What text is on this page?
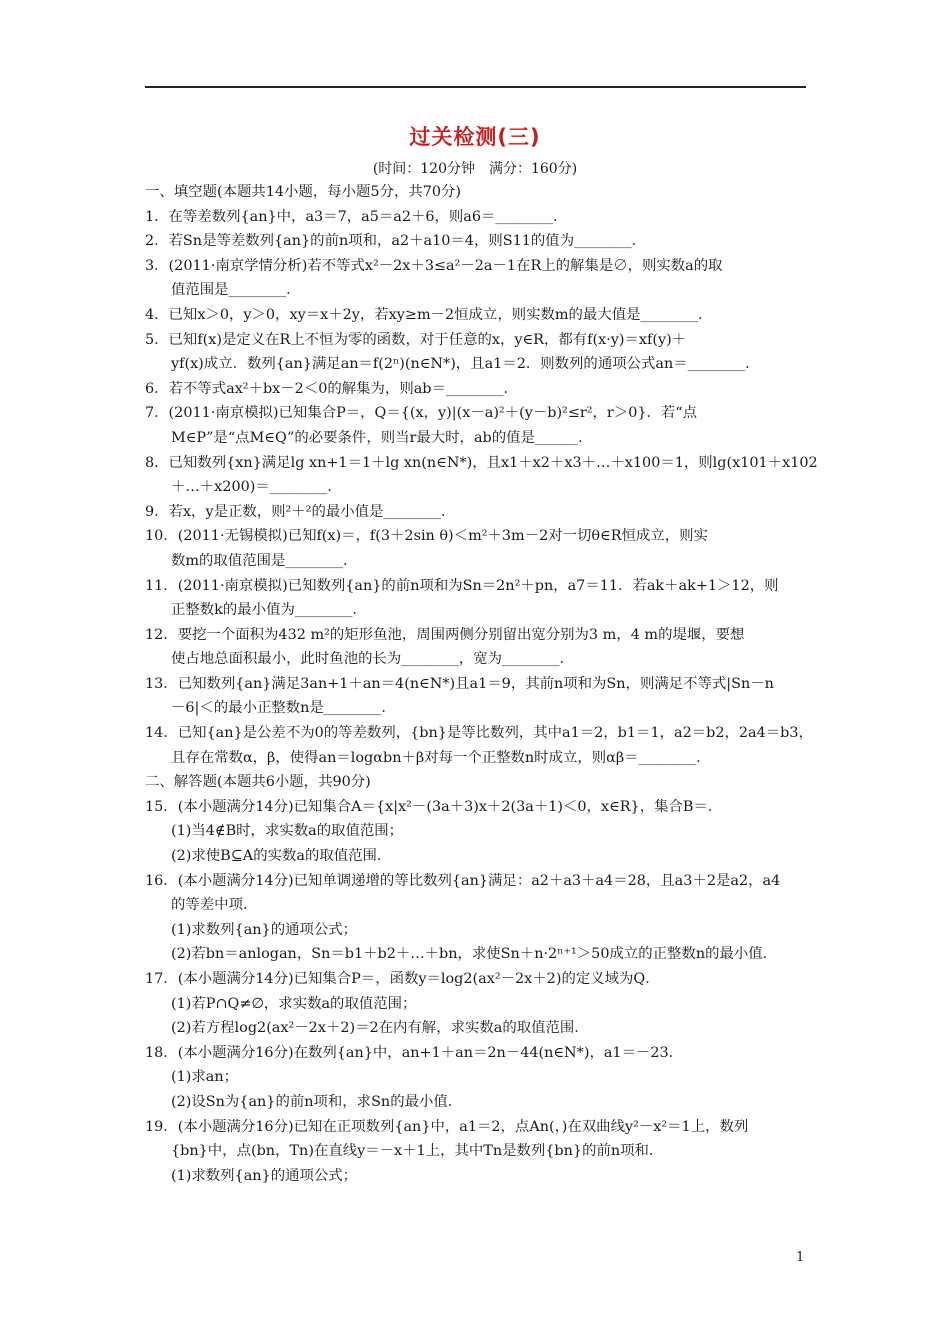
过关检测(三)
(时间：120分钟　满分：160分)
一、填空题(本题共14小题，每小题5分，共70分)
1．在等差数列{an}中，a3＝7，a5＝a2＋6，则a6＝________．
2．若Sn是等差数列{an}的前n项和，a2＋a10＝4，则S11的值为________．
3．(2011·南京学情分析)若不等式x²－2x＋3≤a²－2a－1在R上的解集是∅，则实数a的取
值范围是________．
4．已知x＞0，y＞0，xy＝x＋2y，若xy≥m－2恒成立，则实数m的最大值是________．
5．已知f(x)是定义在R上不恒为零的函数，对于任意的x，y∈R，都有f(x·y)＝xf(y)＋
yf(x)成立．数列{an}满足an＝f(2ⁿ)(n∈N*)，且a1＝2．则数列的通项公式an＝________．
6．若不等式ax²＋bx－2＜0的解集为，则ab＝________．
7．(2011·南京模拟)已知集合P＝，Q＝{(x，y)|(x－a)²＋(y－b)²≤r²，r＞0}．若“点
M∈P”是“点M∈Q”的必要条件，则当r最大时，ab的值是______．
8．已知数列{xn}满足lg xn+1＝1＋lg xn(n∈N*)，且x1＋x2＋x3＋…＋x100＝1，则lg(x101＋x102
＋…＋x200)＝________．
9．若x，y是正数，则²＋²的最小值是________．
10．(2011·无锡模拟)已知f(x)＝，f(3＋2sin θ)＜m²＋3m－2对一切θ∈R恒成立，则实
数m的取值范围是________．
11．(2011·南京模拟)已知数列{an}的前n项和为Sn＝2n²＋pn，a7＝11．若ak＋ak+1＞12，则
正整数k的最小值为________．
12．要挖一个面积为432 m²的矩形鱼池，周围两侧分别留出宽分别为3 m，4 m的堤堰，要想
使占地总面积最小，此时鱼池的长为________，宽为________．
13．已知数列{an}满足3an+1＋an＝4(n∈N*)且a1＝9，其前n项和为Sn，则满足不等式|Sn－n
－6|＜的最小正整数n是________．
14．已知{an}是公差不为0的等差数列，{bn}是等比数列，其中a1＝2，b1＝1，a2＝b2，2a4＝b3，
且存在常数α，β，使得an＝logαbn＋β对每一个正整数n时成立，则αβ＝________．
二、解答题(本题共6小题，共90分)
15．(本小题满分14分)已知集合A＝{x|x²－(3a＋3)x＋2(3a＋1)＜0，x∈R}，集合B＝．
(1)当4∉B时，求实数a的取值范围；
(2)求使B⊆A的实数a的取值范围．
16．(本小题满分14分)已知单调递增的等比数列{an}满足：a2＋a3＋a4＝28，且a3＋2是a2，a4
的等差中项．
(1)求数列{an}的通项公式；
(2)若bn＝anlogan，Sn＝b1＋b2＋…＋bn，求使Sn＋n·2ⁿ⁺¹＞50成立的正整数n的最小值．
17．(本小题满分14分)已知集合P＝，函数y＝log2(ax²－2x＋2)的定义域为Q．
(1)若P∩Q≠∅，求实数a的取值范围；
(2)若方程log2(ax²－2x＋2)＝2在内有解，求实数a的取值范围．
18．(本小题满分16分)在数列{an}中，an+1＋an＝2n－44(n∈N*)，a1＝－23．
(1)求an；
(2)设Sn为{an}的前n项和，求Sn的最小值．
19．(本小题满分16分)已知在正项数列{an}中，a1＝2，点An(，)在双曲线y²－x²＝1上，数列
{bn}中，点(bn，Tn)在直线y＝－x＋1上，其中Tn是数列{bn}的前n项和．
(1)求数列{an}的通项公式；
1
